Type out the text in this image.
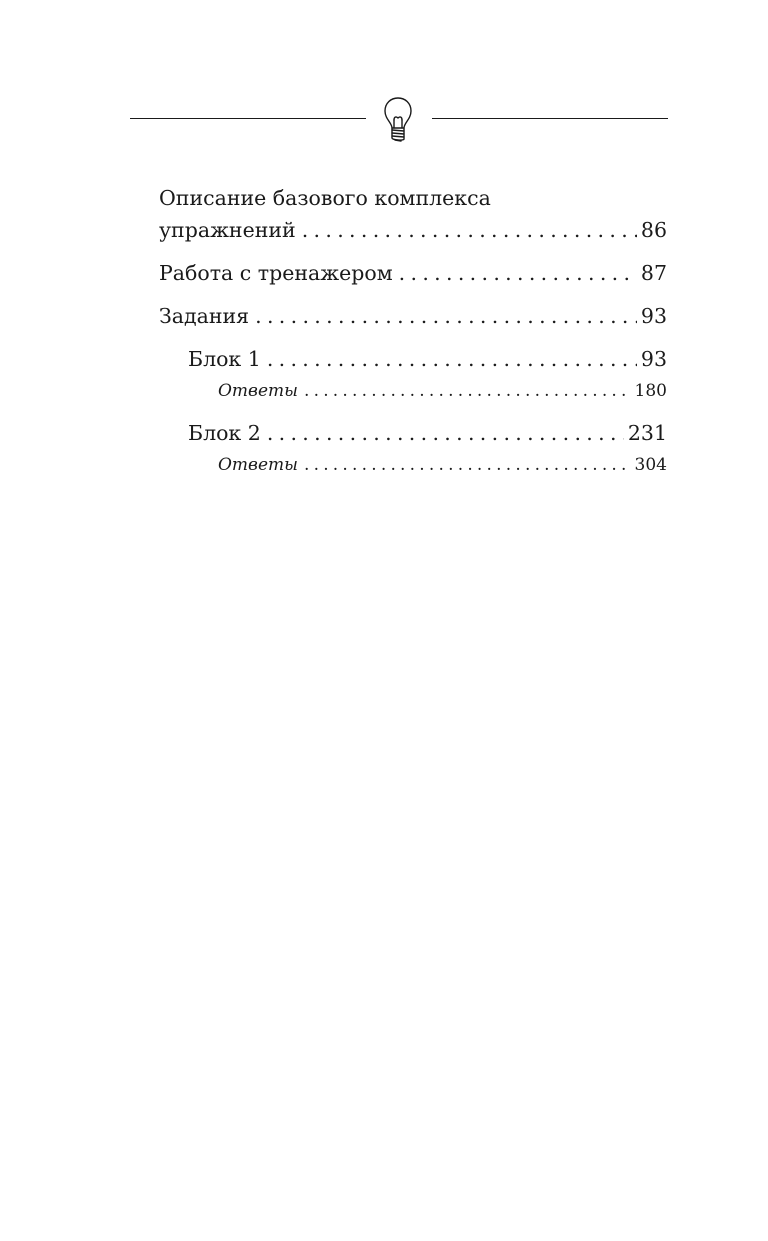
Описание базового комплекса
упражнений . . .	86
Работа с тренажером . . .	87
Задания . . .	93
Блок 1 . . .	93
Ответы . . .	180
Блок 2 . . .	231
Ответы . . .	304
